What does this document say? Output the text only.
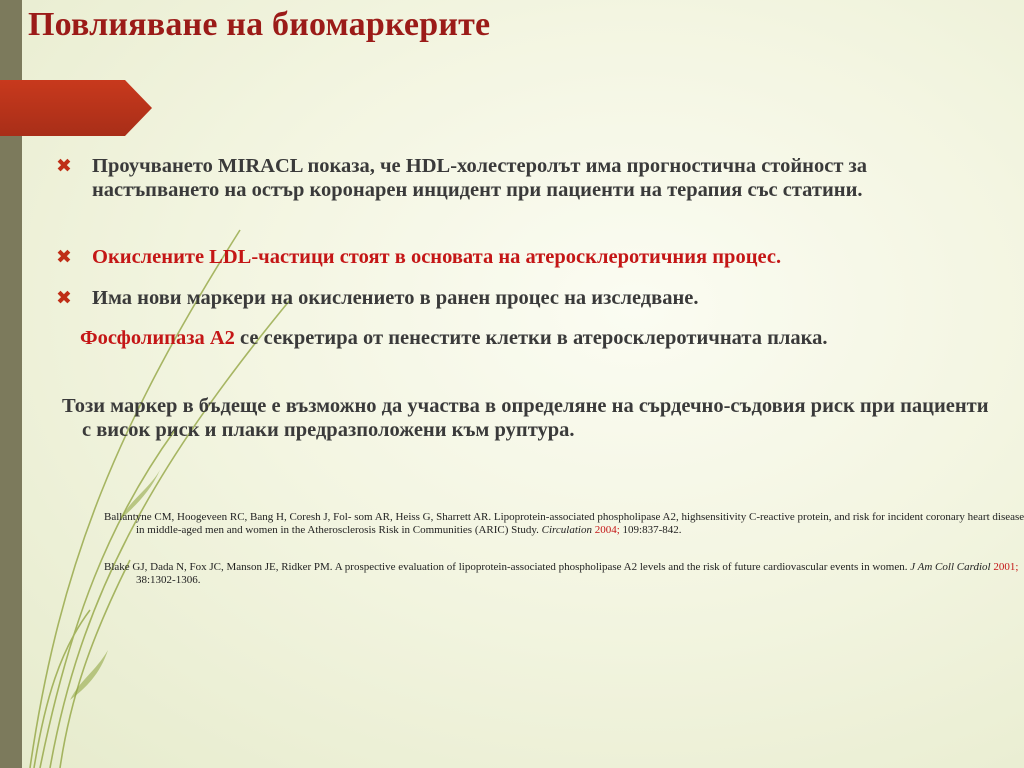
Повлияване на биомаркерите
✖ Проучването MIRACL показа, че HDL-холестеролът има прогностична стойност за настъпването на остър коронарен инцидент при пациенти на терапия със статини.
✖ Окислените LDL-частици стоят в основата на атеросклеротичния процес.
✖ Има нови маркери на окислението в ранен процес на изследване.
Фосфолипаза А2 се секретира от пенестите клетки в атеросклеротичната плака.
Този маркер в бъдеще е възможно да участва в определяне на сърдечно-съдовия риск при пациенти с висок риск и плаки предразположени към руптура.
Ballantyne CM, Hoogeveen RC, Bang H, Coresh J, Fol- som AR, Heiss G, Sharrett AR. Lipoprotein-associated phospholipase A2, highsensitivity C-reactive protein, and risk for incident coronary heart disease in middle-aged men and women in the Atherosclerosis Risk in Communities (ARIC) Study. Circulation 2004; 109:837-842.
Blake GJ, Dada N, Fox JC, Manson JE, Ridker PM. A prospective evaluation of lipoprotein-associated phospholipase A2 levels and the risk of future cardiovascular events in women. J Am Coll Cardiol 2001; 38:1302-1306.
